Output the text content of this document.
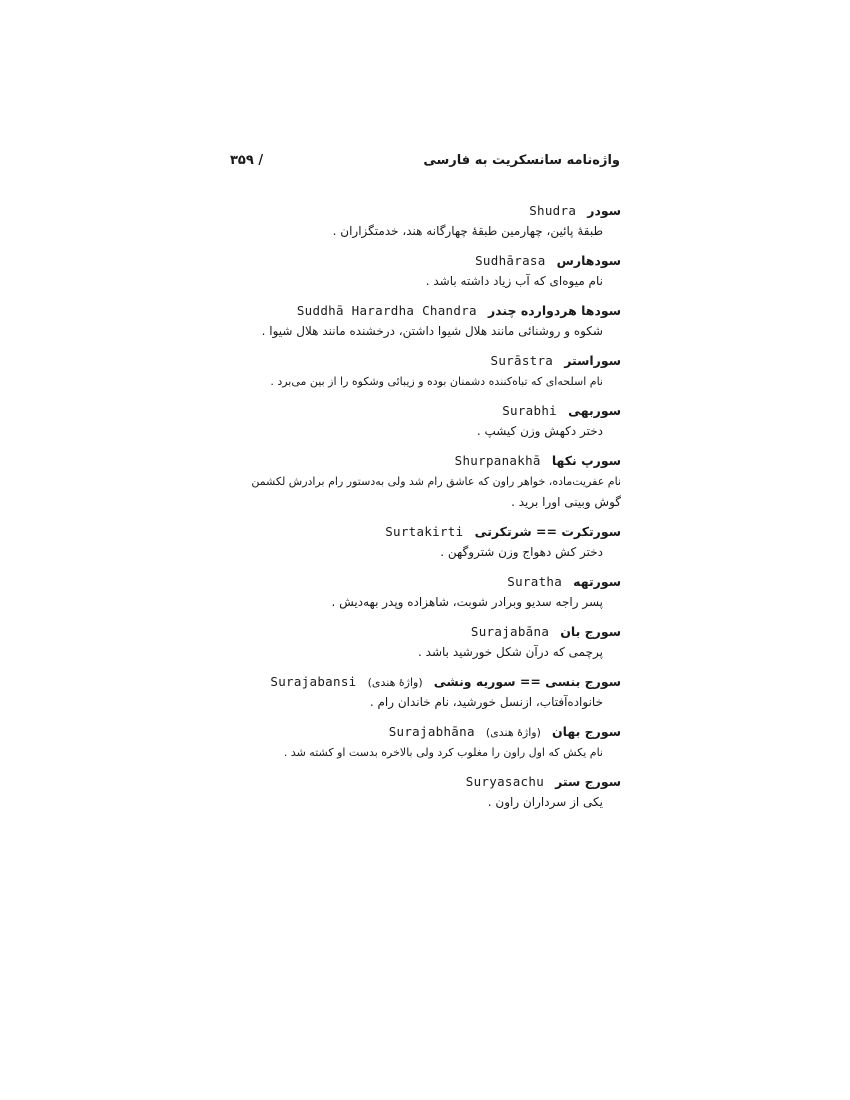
/ ۳۵۹	واژه‌نامه سانسکریت به فارسی
سودر Shudra
طبقهٔ پائین، چهارمین طبقهٔ چهارگانه هند، خدمتگزاران .
سودهارس Sudhārasa
نام میوه‌ای که آب زیاد داشته باشد .
سودها هردوارده چندر Suddhā Harardha Chandra
شکوه و روشنائی مانند هلال شیوا داشتن، درخشنده مانند هلال شیوا .
سوراستر Surāstra
نام اسلحه‌ای که تباه‌کننده دشمنان بوده و زیبائی وشکوه را از بین می‌برد .
سوربهی Surabhi
دختر دکهش وزن کیشپ .
سورپ نکها Shurpanakhā
نام عفریت‌ماده، خواهر راون که عاشق رام شد ولی به‌دستور رام برادرش لکشمن
گوش وبینی اورا برید .
سورتکرت == شرتکرتی Surtakirti
دختر کش دهواج وزن شتروگهن .
سورتهه Suratha
پسر راجه سدیو وبرادر شوبت، شاهزاده وپدر بهه‌دیش .
سورج بان Surajabāna
پرچمی که درآن شکل خورشید باشد .
سورج بنسی == سوریه ونشی (واژهٔ هندی) Surajabansi
خانواده‌آفتاب، ازنسل خورشید، نام خاندان رام .
سورج بهان (واژهٔ هندی) Surajabhāna
نام یکش که اول راون را مغلوب کرد ولی بالاخره بدست او کشته شد .
سورج ستر Suryasachu
یکی از سرداران راون .
